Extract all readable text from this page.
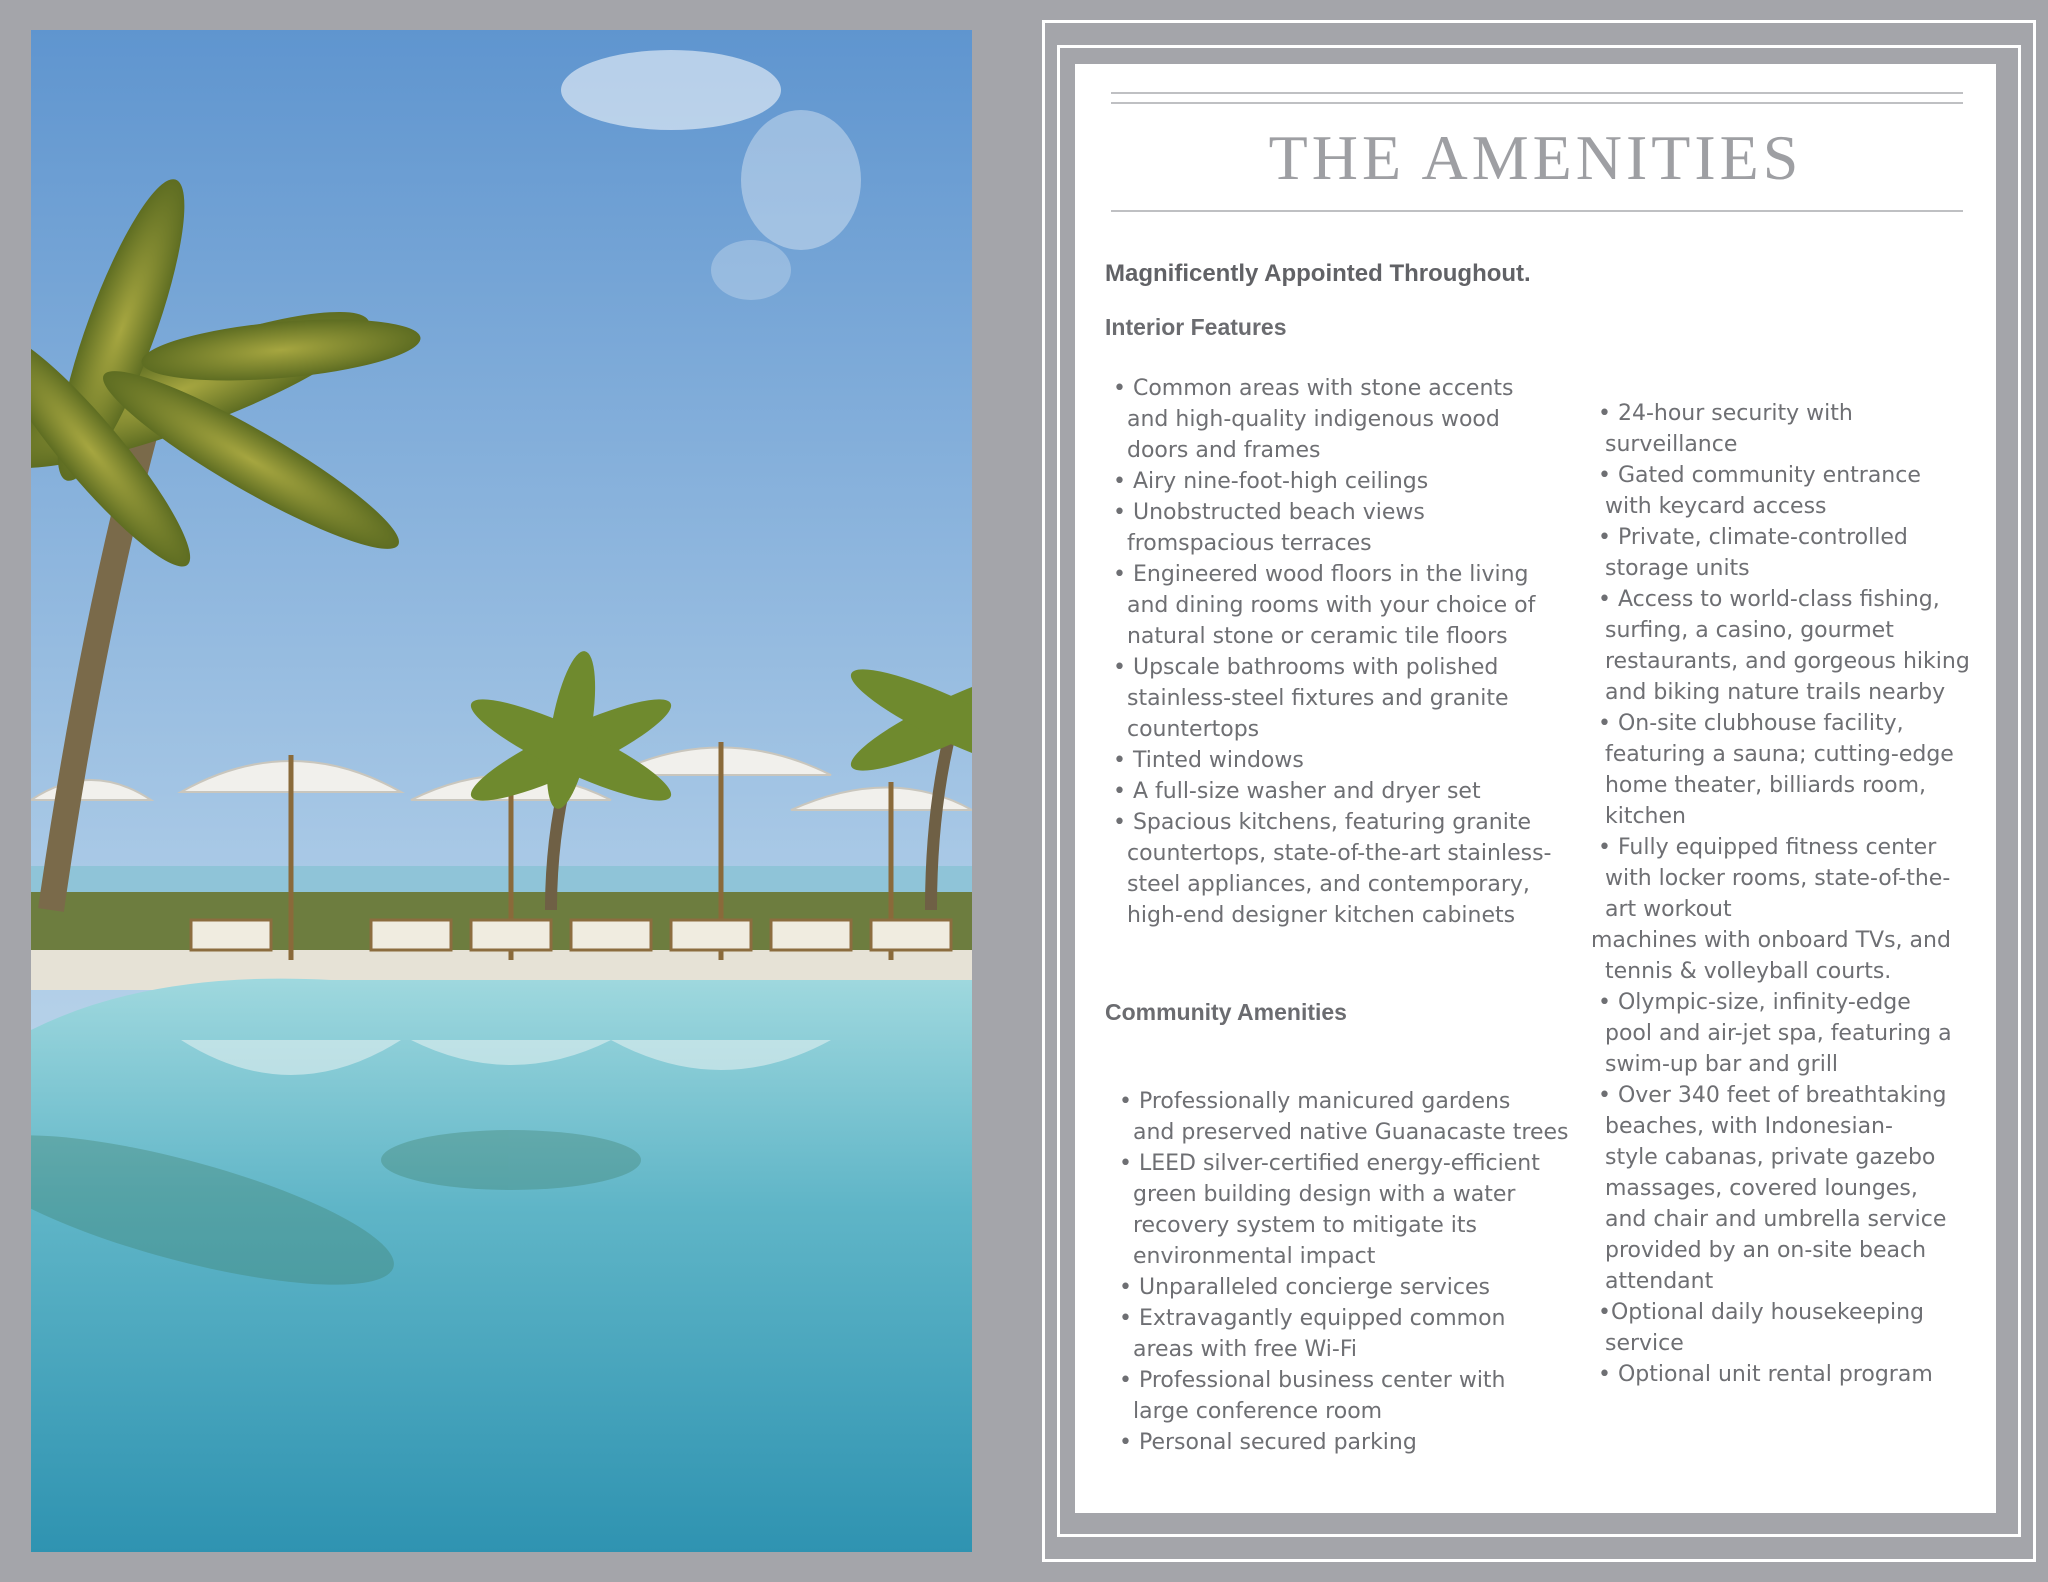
THE AMENITIES
Magnificently Appointed Throughout.
Interior Features
• Common areas with stone accents
and high-quality indigenous wood
doors and frames
• Airy nine-foot-high ceilings
• Unobstructed beach views
fromspacious terraces
• Engineered wood floors in the living
and dining rooms with your choice of
natural stone or ceramic tile floors
• Upscale bathrooms with polished
stainless-steel fixtures and granite
countertops
• Tinted windows
• A full-size washer and dryer set
• Spacious kitchens, featuring granite
countertops, state-of-the-art stainless-
steel appliances, and contemporary,
high-end designer kitchen cabinets
Community Amenities
• Professionally manicured gardens
and preserved native Guanacaste trees
• LEED silver-certified energy-efficient
green building design with a water
recovery system to mitigate its
environmental impact
• Unparalleled concierge services
• Extravagantly equipped common
areas with free Wi-Fi
• Professional business center with
large conference room
• Personal secured parking
• 24-hour security with
surveillance
• Gated community entrance
with keycard access
• Private, climate-controlled
storage units
• Access to world-class fishing,
surfing, a casino, gourmet
restaurants, and gorgeous hiking
and biking nature trails nearby
• On-site clubhouse facility,
featuring a sauna; cutting-edge
home theater, billiards room,
kitchen
• Fully equipped fitness center
with locker rooms, state-of-the-
art workout
machines with onboard TVs, and
tennis & volleyball courts.
• Olympic-size, infinity-edge
pool and air-jet spa, featuring a
swim-up bar and grill
• Over 340 feet of breathtaking
beaches, with Indonesian-
style cabanas, private gazebo
massages, covered lounges,
and chair and umbrella service
provided by an on-site beach
attendant
•Optional daily housekeeping
service
• Optional unit rental program
